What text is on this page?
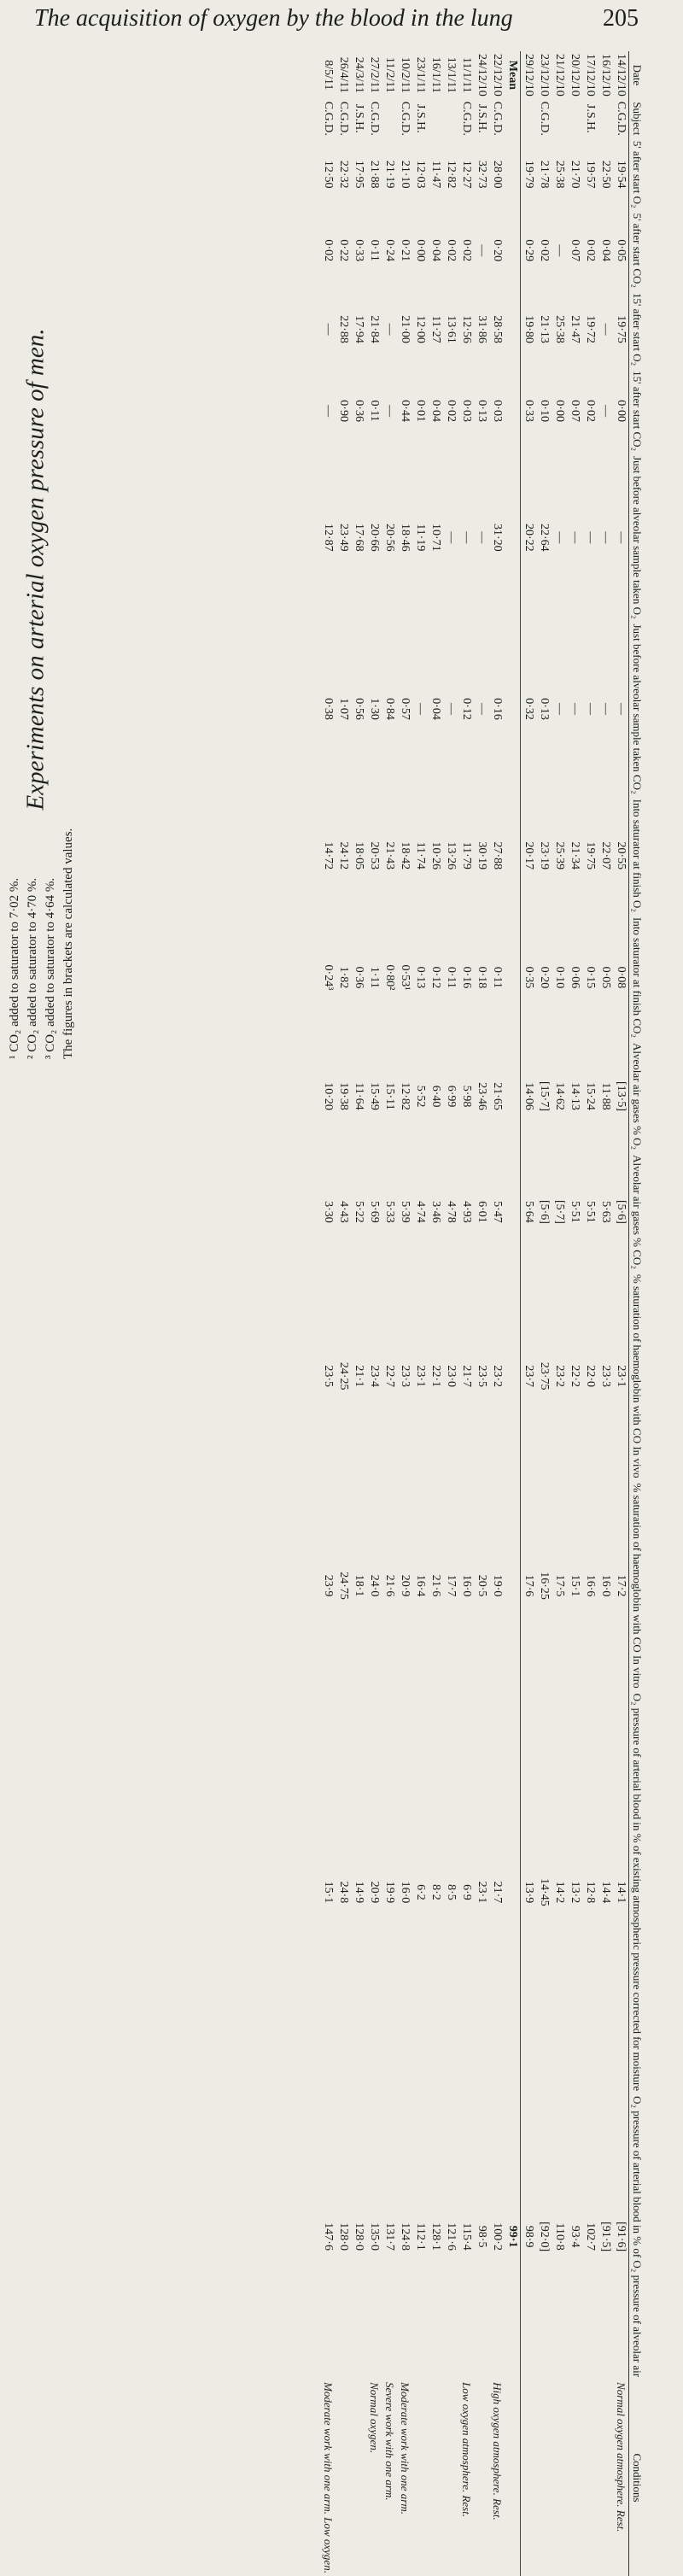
The acquisition of oxygen by the blood in the lung	205
Experiments on arterial oxygen pressure of men.
¹ CO₂ added to saturator to 7·02 %. ² CO₂ added to saturator to 4·70 %. ³ CO₂ added to saturator to 4·64 %. The figures in brackets are calculated values.
Date	Subject	5' after start O₂	5' after start CO₂	15' after start O₂	15' after start CO₂	Just before alveolar sample taken O₂	Just before alveolar sample taken CO₂	Into saturator at finish O₂	Into saturator at finish CO₂	Alveolar air gases % O₂	Alveolar air gases % CO₂	% saturation of haemoglobin with CO In vivo	% saturation of haemoglobin with CO In vitro	O₂ pressure of arterial blood in % of existing atmospheric pressure corrected for moisture	O₂ pressure of arterial blood in % of O₂ pressure of alveolar air	Conditions
14/12/10	C.G.D.	19·54	0·05	19·75	0·00	—	—	20·55	0·08	[13·5]	[5·6]	23·1	17·2	14·1	[91·6]	Normal oxygen atmosphere. Rest.
16/12/10		22·50	0·04	—	—	—	—	22·07	0·05	11·88	5·63	23·3	16·0	14·4	[91·5]	
17/12/10	J.S.H.	19·57	0·02	19·72	0·02	—	—	19·75	0·15	15·24	5·51	22·0	16·6	12·8	102·7	
20/12/10		21·70	0·07	21·47	0·07	—	—	21·34	0·06	14·13	5·51	22·2	15·1	13·2	93·4	
21/12/10		25·38	—	25·38	0·00	—	—	25·39	0·10	14·62	[5·7]	23·2	17·5	14·2	110·8	
23/12/10	C.G.D.	21·78	0·02	21·13	0·10	22·64	0·13	23·19	0·20	[15·7]	[5·6]	23·75	16·25	14·45	[92·0]	
29/12/10		19·79	0·29	19·80	0·33	20·22	0·32	20·17	0·35	14·06	5·64	23·7	17·6	13·9	98·9	
Mean															99·1	
22/12/10	C.G.D.	28·00	0·20	28·58	0·03	31·20	0·16	27·88	0·11	21·65	5·47	23·2	19·0	21·7	100·2	High oxygen atmosphere. Rest.
24/12/10	J.S.H.	32·73	—	31·86	0·13	—	—	30·19	0·18	23·46	6·01	23·5	20·5	23·1	98·5	
11/1/11	C.G.D.	12·27	0·02	12·56	0·03	—	0·12	11·79	0·16	5·98	4·93	21·7	16·0	6·9	115·4	Low oxygen atmosphere. Rest.
13/1/11		12·82	0·02	13·61	0·02	—	—	13·26	0·11	6·99	4·78	23·0	17·7	8·5	121·6	
16/1/11		11·47	0·04	11·27	0·04	10·71	0·04	10·26	0·12	6·40	3·46	22·1	21·6	8·2	128·1	
23/1/11	J.S.H.	12·03	0·00	12·00	0·01	11·19	—	11·74	0·13	5·52	4·74	23·1	16·4	6·2	112·1	
10/2/11	C.G.D.	21·10	0·21	21·00	0·44	18·46	0·57	18·42	0·53¹	12·82	5·39	23·3	20·9	16·0	124·8	Moderate work with one arm.
11/2/11		21·19	0·24	—	—	20·56	0·84	21·43	0·80²	15·11	5·33	22·7	21·6	19·9	131·7	Severe work with one arm.
27/2/11	C.G.D.	21·88	0·11	21·84	0·11	20·66	1·30	20·53	1·11	15·49	5·69	23·4	24·0	20·9	135·0	Normal oxygen.
24/3/11	J.S.H.	17·95	0·33	17·94	0·36	17·68	0·56	18·05	0·36	11·64	5·22	21·1	18·1	14·9	128·0	
26/4/11	C.G.D.	22·32	0·22	22·88	0·90	23·49	1·07	24·12	1·82	19·38	4·43	24·25	24·75	24·8	128·0	
8/5/11	C.G.D.	12·50	0·02	—	—	12·87	0·38	14·72	0·24³	10·20	3·30	23·5	23·9	15·1	147·6	Moderate work with one arm. Low oxygen.
